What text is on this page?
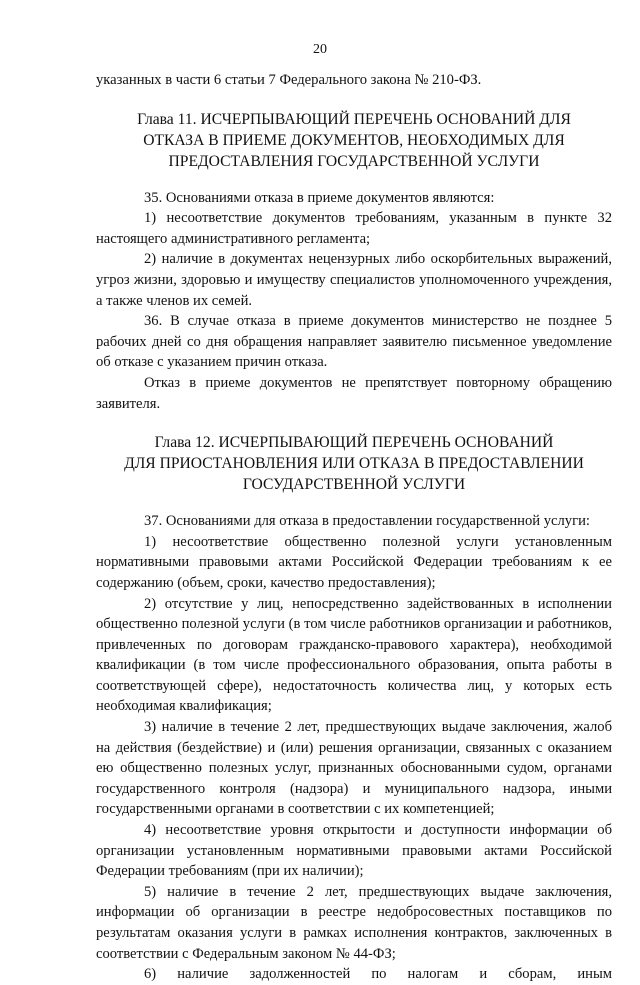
20

указанных в части 6 статьи 7 Федерального закона № 210-ФЗ.

Глава 11. ИСЧЕРПЫВАЮЩИЙ ПЕРЕЧЕНЬ ОСНОВАНИЙ ДЛЯ
ОТКАЗА В ПРИЕМЕ ДОКУМЕНТОВ, НЕОБХОДИМЫХ ДЛЯ
ПРЕДОСТАВЛЕНИЯ ГОСУДАРСТВЕННОЙ УСЛУГИ

35. Основаниями отказа в приеме документов являются:

1) несоответствие документов требованиям, указанным в пункте 32 настоящего административного регламента;

2) наличие в документах нецензурных либо оскорбительных выражений, угроз жизни, здоровью и имуществу специалистов уполномоченного учреждения, а также членов их семей.

36. В случае отказа в приеме документов министерство не позднее 5 рабочих дней со дня обращения направляет заявителю письменное уведомление об отказе с указанием причин отказа.

Отказ в приеме документов не препятствует повторному обращению заявителя.

Глава 12. ИСЧЕРПЫВАЮЩИЙ ПЕРЕЧЕНЬ ОСНОВАНИЙ
ДЛЯ ПРИОСТАНОВЛЕНИЯ ИЛИ ОТКАЗА В ПРЕДОСТАВЛЕНИИ
ГОСУДАРСТВЕННОЙ УСЛУГИ

37. Основаниями для отказа в предоставлении государственной услуги:

1) несоответствие общественно полезной услуги установленным нормативными правовыми актами Российской Федерации требованиям к ее содержанию (объем, сроки, качество предоставления);

2) отсутствие у лиц, непосредственно задействованных в исполнении общественно полезной услуги (в том числе работников организации и работников, привлеченных по договорам гражданско-правового характера), необходимой квалификации (в том числе профессионального образования, опыта работы в соответствующей сфере), недостаточность количества лиц, у которых есть необходимая квалификация;

3) наличие в течение 2 лет, предшествующих выдаче заключения, жалоб на действия (бездействие) и (или) решения организации, связанных с оказанием ею общественно полезных услуг, признанных обоснованными судом, органами государственного контроля (надзора) и муниципального надзора, иными государственными органами в соответствии с их компетенцией;

4) несоответствие уровня открытости и доступности информации об организации установленным нормативными правовыми актами Российской Федерации требованиям (при их наличии);

5) наличие в течение 2 лет, предшествующих выдаче заключения, информации об организации в реестре недобросовестных поставщиков по результатам оказания услуги в рамках исполнения контрактов, заключенных в соответствии с Федеральным законом № 44-ФЗ;

6) наличие задолженностей по налогам и сборам, иным
